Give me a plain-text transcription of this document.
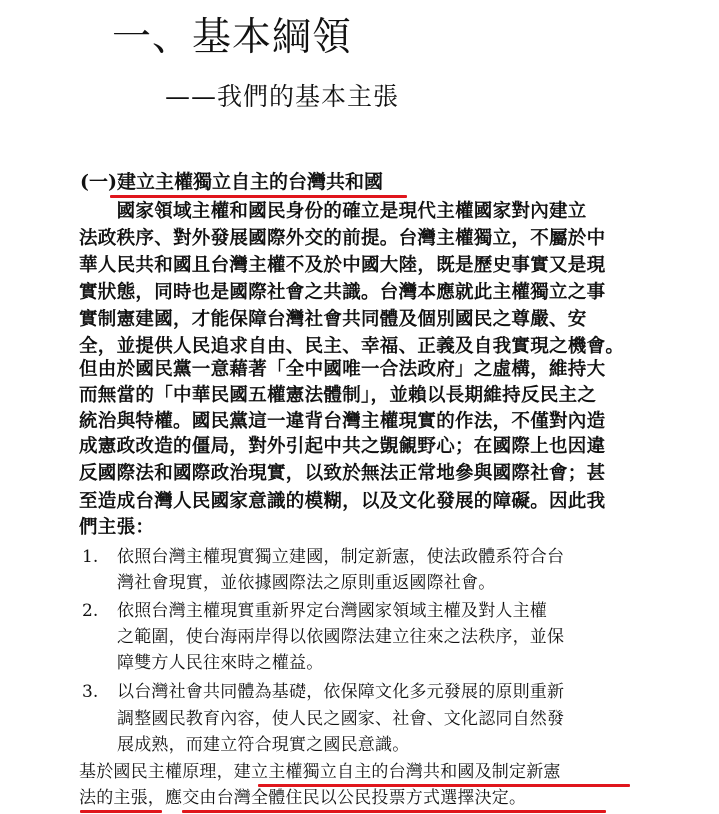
一、基本綱領
——我們的基本主張
(一)建立主權獨立自主的台灣共和國
　　國家領域主權和國民身份的確立是現代主權國家對內建立
法政秩序、對外發展國際外交的前提。台灣主權獨立，不屬於中
華人民共和國且台灣主權不及於中國大陸，既是歷史事實又是現
實狀態，同時也是國際社會之共識。台灣本應就此主權獨立之事
實制憲建國，才能保障台灣社會共同體及個別國民之尊嚴、安
全，並提供人民追求自由、民主、幸福、正義及自我實現之機會。
但由於國民黨一意藉著「全中國唯一合法政府」之虛構，維持大
而無當的「中華民國五權憲法體制」，並賴以長期維持反民主之
統治與特權。國民黨這一違背台灣主權現實的作法，不僅對內造
成憲政改造的僵局，對外引起中共之覬覦野心；在國際上也因違
反國際法和國際政治現實，以致於無法正常地參與國際社會；甚
至造成台灣人民國家意識的模糊，以及文化發展的障礙。因此我
們主張：
1. 依照台灣主權現實獨立建國，制定新憲，使法政體系符合台
灣社會現實，並依據國際法之原則重返國際社會。
2. 依照台灣主權現實重新界定台灣國家領域主權及對人主權
之範圍，使台海兩岸得以依國際法建立往來之法秩序，並保
障雙方人民往來時之權益。
3. 以台灣社會共同體為基礎，依保障文化多元發展的原則重新
調整國民教育內容，使人民之國家、社會、文化認同自然發
展成熟，而建立符合現實之國民意識。
基於國民主權原理，建立主權獨立自主的台灣共和國及制定新憲
法的主張，應交由台灣全體住民以公民投票方式選擇決定。
